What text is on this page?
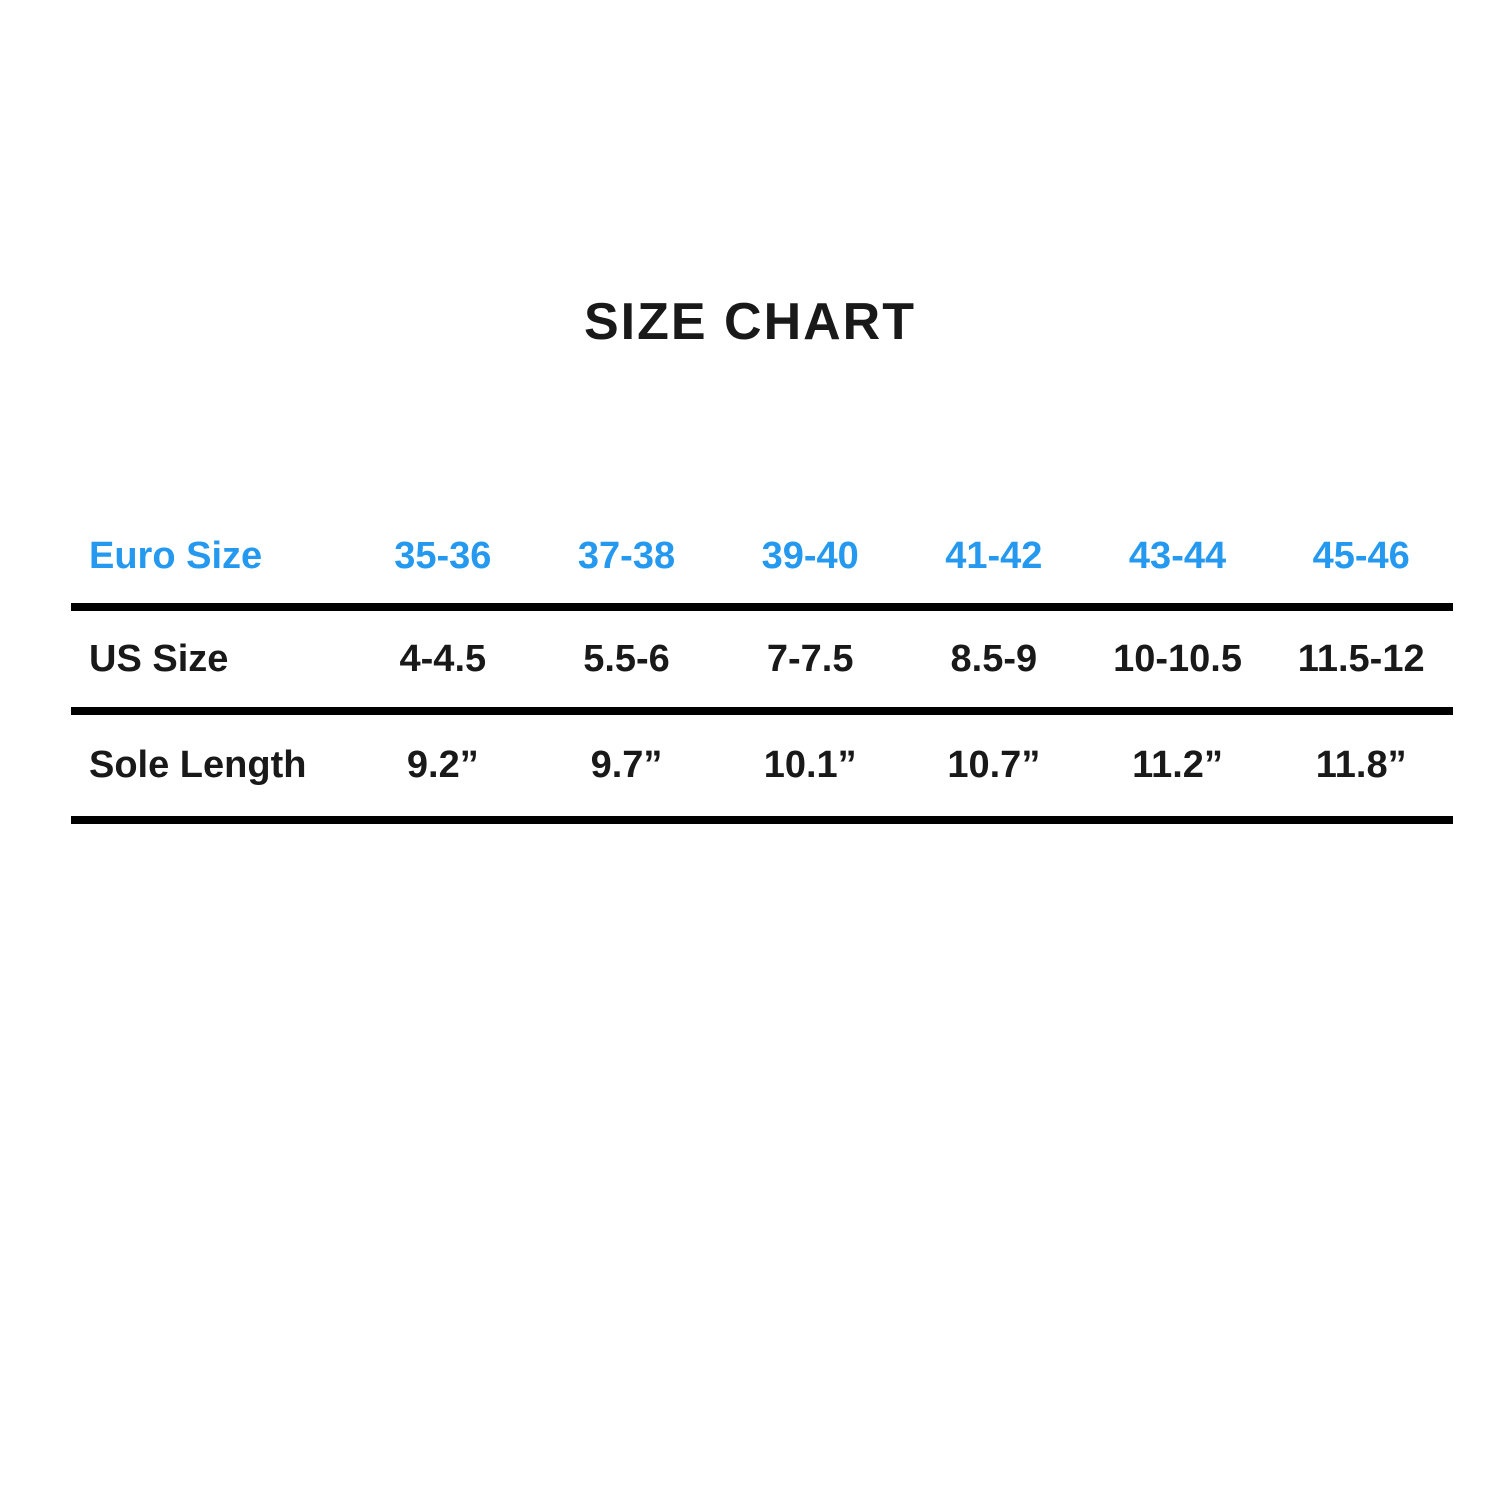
SIZE CHART
Euro Size	35-36	37-38	39-40	41-42	43-44	45-46
US Size	4-4.5	5.5-6	7-7.5	8.5-9	10-10.5	11.5-12
Sole Length	9.2”	9.7”	10.1”	10.7”	11.2”	11.8”
